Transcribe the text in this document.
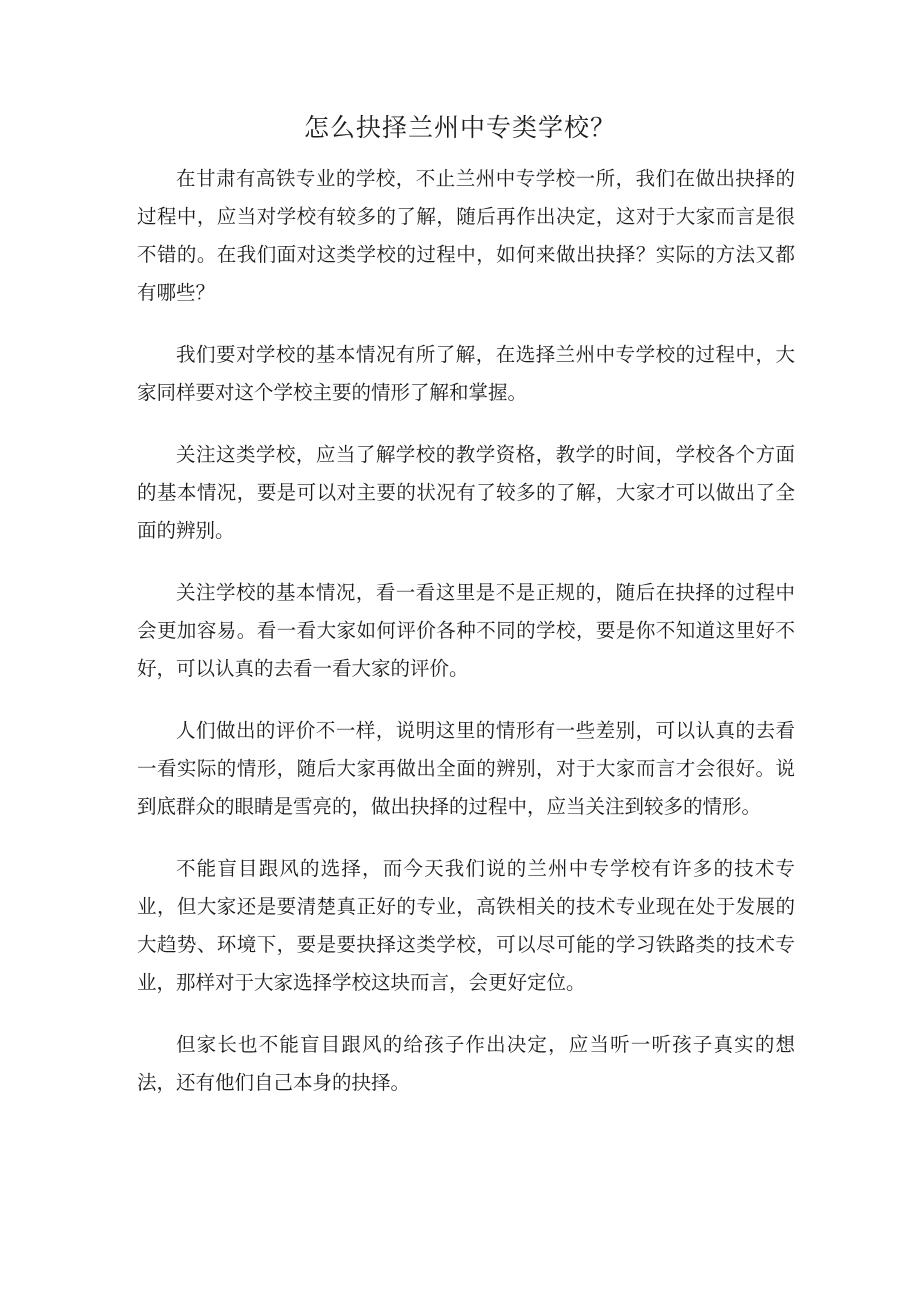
怎么抉择兰州中专类学校？

在甘肃有高铁专业的学校，不止兰州中专学校一所，我们在做出抉择的过程中，应当对学校有较多的了解，随后再作出决定，这对于大家而言是很不错的。在我们面对这类学校的过程中，如何来做出抉择？实际的方法又都有哪些？

我们要对学校的基本情况有所了解，在选择兰州中专学校的过程中，大家同样要对这个学校主要的情形了解和掌握。

关注这类学校，应当了解学校的教学资格，教学的时间，学校各个方面的基本情况，要是可以对主要的状况有了较多的了解，大家才可以做出了全面的辨别。

关注学校的基本情况，看一看这里是不是正规的，随后在抉择的过程中会更加容易。看一看大家如何评价各种不同的学校，要是你不知道这里好不好，可以认真的去看一看大家的评价。

人们做出的评价不一样，说明这里的情形有一些差别，可以认真的去看一看实际的情形，随后大家再做出全面的辨别，对于大家而言才会很好。说到底群众的眼睛是雪亮的，做出抉择的过程中，应当关注到较多的情形。

不能盲目跟风的选择，而今天我们说的兰州中专学校有许多的技术专业，但大家还是要清楚真正好的专业，高铁相关的技术专业现在处于发展的大趋势、环境下，要是要抉择这类学校，可以尽可能的学习铁路类的技术专业，那样对于大家选择学校这块而言，会更好定位。

但家长也不能盲目跟风的给孩子作出决定，应当听一听孩子真实的想法，还有他们自己本身的抉择。
